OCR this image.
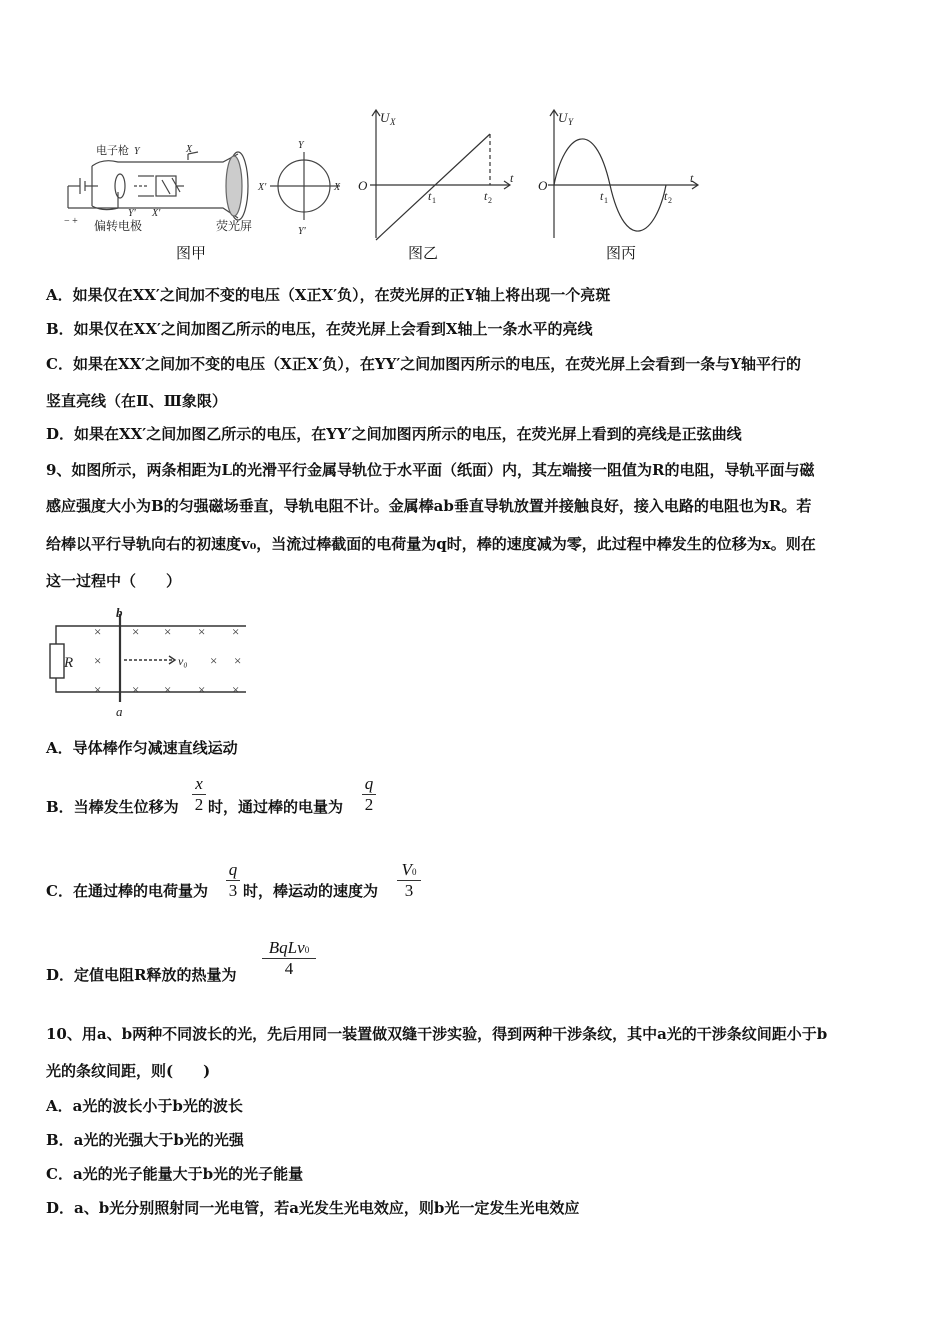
电子枪 Y	X
Y' X'
Y
Y'
X'	X
− + 偏转电极	荧光屏
图甲
U X
O	t
t 1	t 2
图乙
U Y
O	t
t 1	t 2
图丙
A．如果仅在XX′之间加不变的电压（X正X′负），在荧光屏的正Y轴上将出现一个亮斑
B．如果仅在XX′之间加图乙所示的电压，在荧光屏上会看到X轴上一条水平的亮线
C．如果在XX′之间加不变的电压（X正X′负），在YY′之间加图丙所示的电压，在荧光屏上会看到一条与Y轴平行的
竖直亮线（在Ⅱ、Ⅲ象限）
D．如果在XX′之间加图乙所示的电压，在YY′之间加图丙所示的电压，在荧光屏上看到的亮线是正弦曲线
9、如图所示，两条相距为L的光滑平行金属导轨位于水平面（纸面）内，其左端接一阻值为R的电阻，导轨平面与磁
感应强度大小为B的匀强磁场垂直，导轨电阻不计。金属棒ab垂直导轨放置并接触良好，接入电路的电阻也为R。若
给棒以平行导轨向右的初速度v₀，当流过棒截面的电荷量为q时，棒的速度减为零，此过程中棒发生的位移为x。则在
这一过程中（　　）
R
b
a
v₀
×
×
×
×
×
×
×
×
×
×
×
× ×
A．导体棒作匀减速直线运动
B．当棒发生位移为 $\frac{x}{2}$ 时，通过棒的电量为 $\frac{q}{2}$
C．在通过棒的电荷量为 $\frac{q}{3}$ 时，棒运动的速度为 $\frac{V0}{3}$
D．定值电阻R释放的热量为
BqLv0
4
10、用a、b两种不同波长的光，先后用同一装置做双缝干涉实验，得到两种干涉条纹，其中a光的干涉条纹间距小于b
光的条纹间距，则(　　)
A．a光的波长小于b光的波长
B．a光的光强大于b光的光强
C．a光的光子能量大于b光的光子能量
D．a、b光分别照射同一光电管，若a光发生光电效应，则b光一定发生光电效应
